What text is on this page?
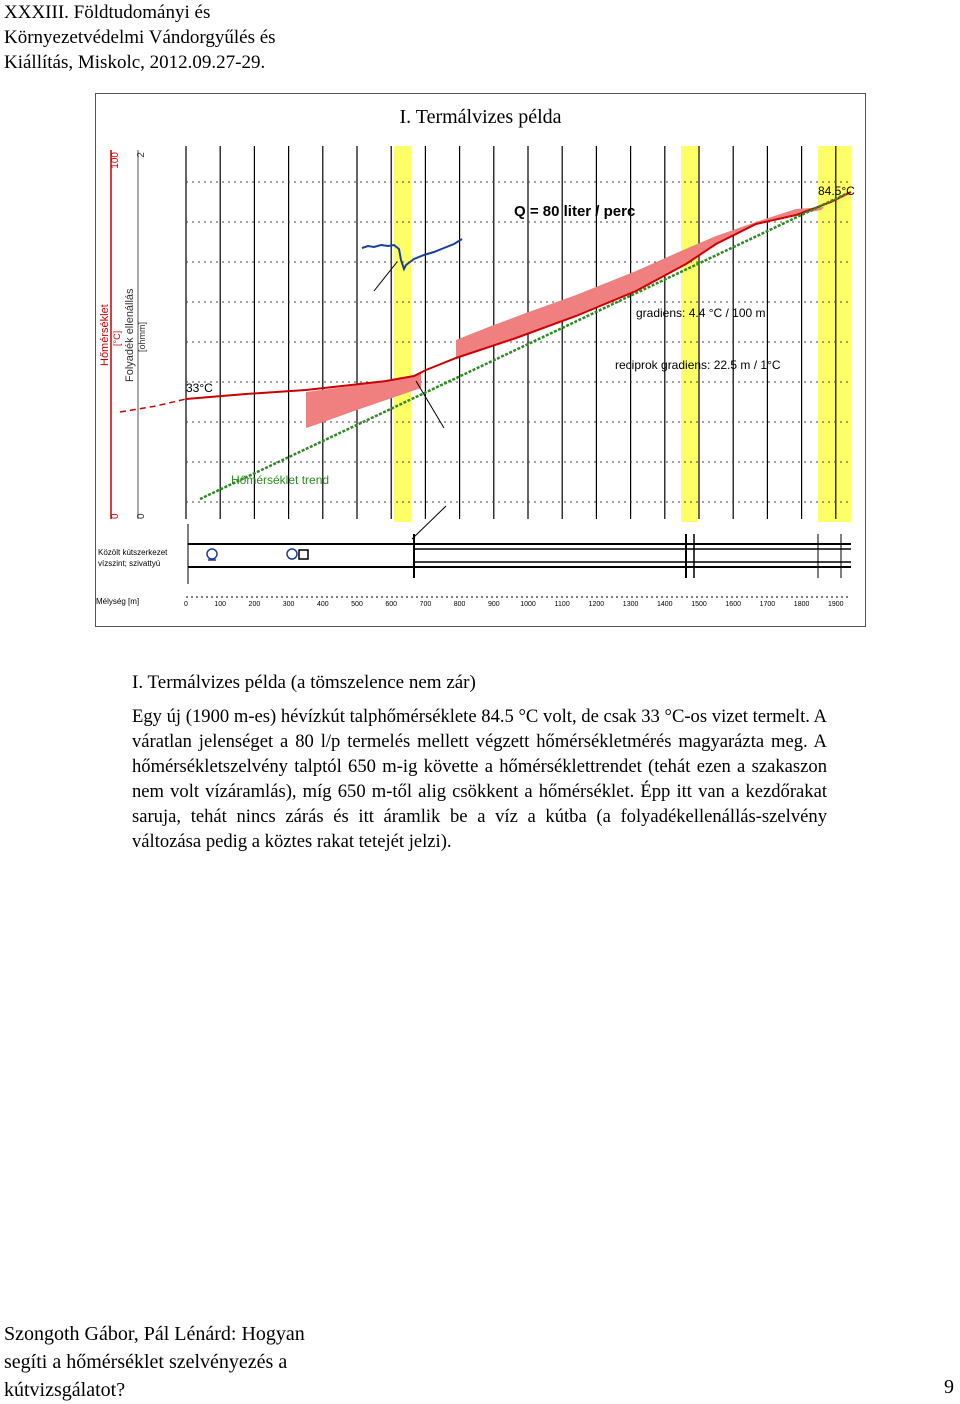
XXXIII. Földtudományi és
Környezetvédelmi Vándorgyűlés és
Kiállítás, Miskolc, 2012.09.27-29.
100 2
0 0
Hőmérséklet [°C] Folyadék ellenállás [ohmm]
Q = 80 liter / perc
84.5°C
33°C
gradiens: 4.4 °C / 100 m
reciprok gradiens: 22.5 m / 1°C
Hőmérséklet trend
Közölt kútszerkezet
vízszint; szivattyú
Mélység [m]	0	100	200	300	400	500	600	700	800	900	1000	1100	1200	1300	1400	1500	1600	1700	1800	1900
I. Termálvizes példa
I. Termálvizes példa (a tömszelence nem zár)
Egy új (1900 m-es) hévízkút talphőmérséklete 84.5 °C volt, de csak 33 °C-os vizet termelt. A váratlan jelenséget a 80 l/p termelés mellett végzett hőmérsékletmérés magyarázta meg. A hőmérsékletszelvény talptól 650 m-ig követte a hőmérséklettrendet (tehát ezen a szakaszon nem volt vízáramlás), míg 650 m-től alig csökkent a hőmérséklet. Épp itt van a kezdőrakat saruja, tehát nincs zárás és itt áramlik be a víz a kútba (a folyadékellenállás-szelvény változása pedig a köztes rakat tetejét jelzi).
Szongoth Gábor, Pál Lénárd: Hogyan
segíti a hőmérséklet szelvényezés a
kútvizsgálatot?	9
